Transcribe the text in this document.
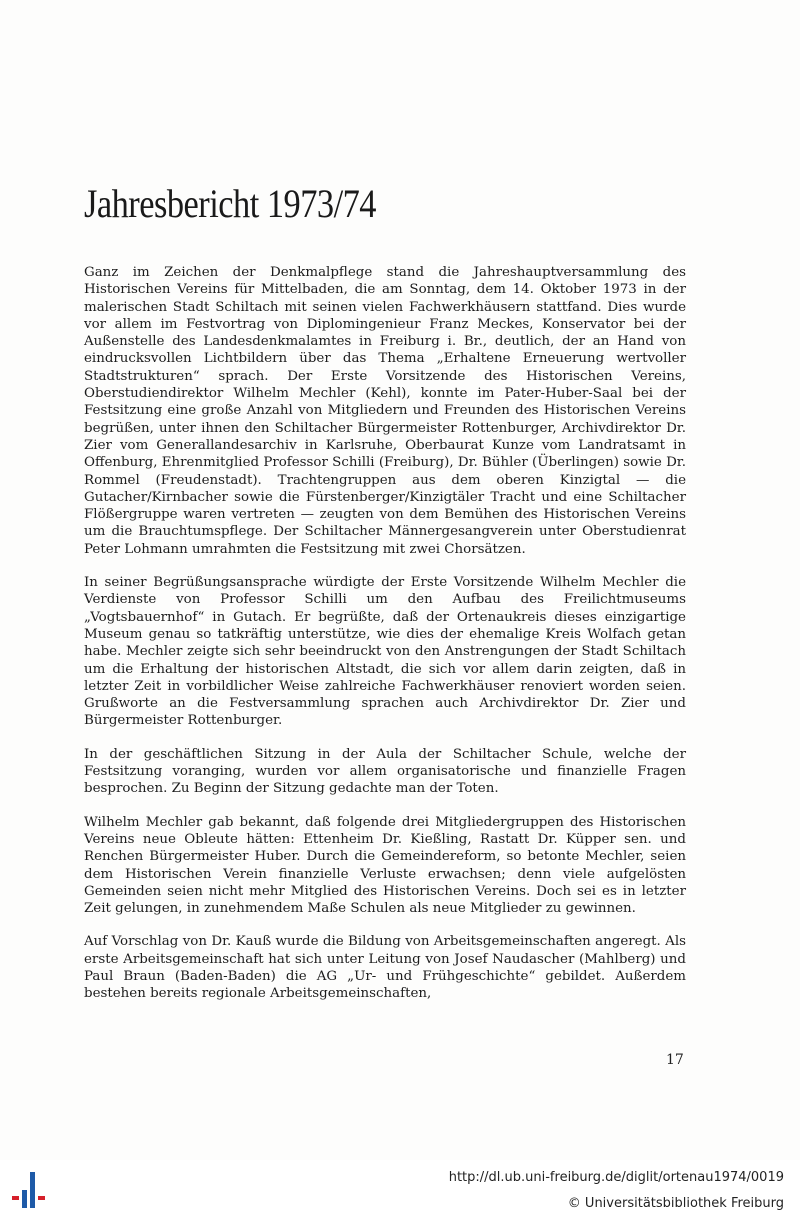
Jahresbericht 1973/74

Ganz im Zeichen der Denkmalpflege stand die Jahreshauptversammlung des Historischen Vereins für Mittelbaden, die am Sonntag, dem 14. Oktober 1973 in der malerischen Stadt Schiltach mit seinen vielen Fachwerkhäusern stattfand. Dies wurde vor allem im Festvortrag von Diplomingenieur Franz Meckes, Konservator bei der Außenstelle des Landesdenkmalamtes in Freiburg i. Br., deutlich, der an Hand von eindrucksvollen Lichtbildern über das Thema „Erhaltene Erneuerung wertvoller Stadtstrukturen“ sprach. Der Erste Vorsitzende des Historischen Vereins, Oberstudiendirektor Wilhelm Mechler (Kehl), konnte im Pater-Huber-Saal bei der Festsitzung eine große Anzahl von Mitgliedern und Freunden des Historischen Vereins begrüßen, unter ihnen den Schiltacher Bürgermeister Rottenburger, Archivdirektor Dr. Zier vom Generallandesarchiv in Karlsruhe, Oberbaurat Kunze vom Landratsamt in Offenburg, Ehrenmitglied Professor Schilli (Freiburg), Dr. Bühler (Überlingen) sowie Dr. Rommel (Freudenstadt). Trachtengruppen aus dem oberen Kinzigtal — die Gutacher/Kirnbacher sowie die Fürstenberger/Kinzigtäler Tracht und eine Schiltacher Flößergruppe waren vertreten — zeugten von dem Bemühen des Historischen Vereins um die Brauchtumspflege. Der Schiltacher Männergesangverein unter Oberstudienrat Peter Lohmann umrahmten die Festsitzung mit zwei Chorsätzen.

In seiner Begrüßungsansprache würdigte der Erste Vorsitzende Wilhelm Mechler die Verdienste von Professor Schilli um den Aufbau des Freilichtmuseums „Vogtsbauernhof“ in Gutach. Er begrüßte, daß der Ortenaukreis dieses einzigartige Museum genau so tatkräftig unterstütze, wie dies der ehemalige Kreis Wolfach getan habe. Mechler zeigte sich sehr beeindruckt von den Anstrengungen der Stadt Schiltach um die Erhaltung der historischen Altstadt, die sich vor allem darin zeigten, daß in letzter Zeit in vorbildlicher Weise zahlreiche Fachwerkhäuser renoviert worden seien. Grußworte an die Festversammlung sprachen auch Archivdirektor Dr. Zier und Bürgermeister Rottenburger.

In der geschäftlichen Sitzung in der Aula der Schiltacher Schule, welche der Festsitzung voranging, wurden vor allem organisatorische und finanzielle Fragen besprochen. Zu Beginn der Sitzung gedachte man der Toten.

Wilhelm Mechler gab bekannt, daß folgende drei Mitgliedergruppen des Historischen Vereins neue Obleute hätten: Ettenheim Dr. Kießling, Rastatt Dr. Küpper sen. und Renchen Bürgermeister Huber. Durch die Gemeindereform, so betonte Mechler, seien dem Historischen Verein finanzielle Verluste erwachsen; denn viele aufgelösten Gemeinden seien nicht mehr Mitglied des Historischen Vereins. Doch sei es in letzter Zeit gelungen, in zunehmendem Maße Schulen als neue Mitglieder zu gewinnen.

Auf Vorschlag von Dr. Kauß wurde die Bildung von Arbeitsgemeinschaften angeregt. Als erste Arbeitsgemeinschaft hat sich unter Leitung von Josef Naudascher (Mahlberg) und Paul Braun (Baden-Baden) die AG „Ur- und Frühgeschichte“ gebildet. Außerdem bestehen bereits regionale Arbeitsgemeinschaften,

17
http://dl.ub.uni-freiburg.de/diglit/ortenau1974/0019
© Universitätsbibliothek Freiburg
